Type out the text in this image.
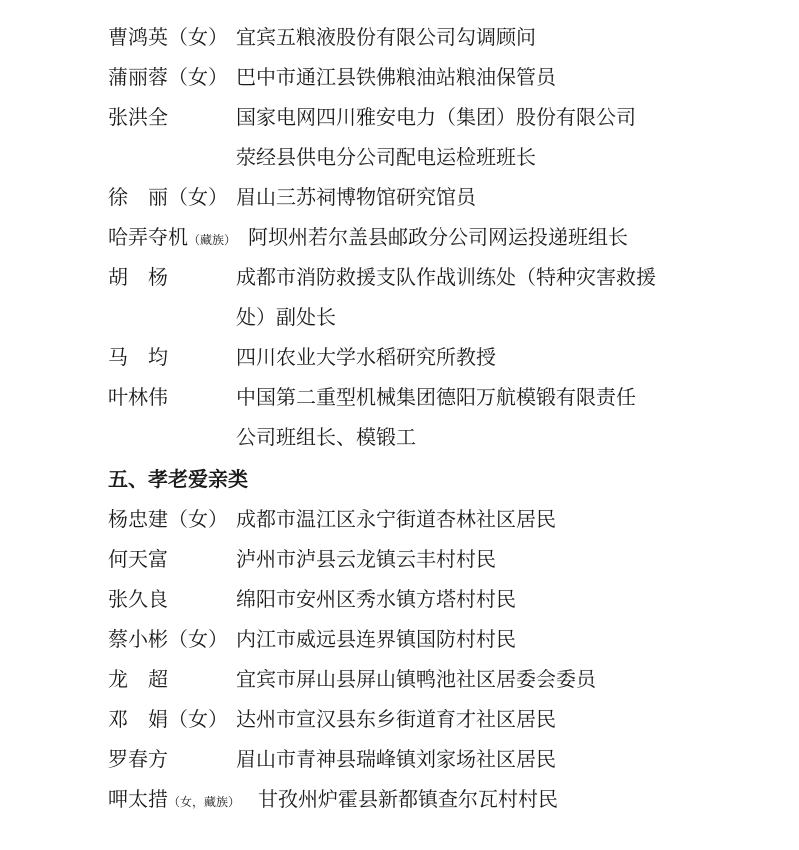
曹鸿英（女） 宜宾五粮液股份有限公司勾调顾问
蒲丽蓉（女） 巴中市通江县铁佛粮油站粮油保管员
张洪全	国家电网四川雅安电力（集团）股份有限公司
荥经县供电分公司配电运检班班长
徐　丽（女） 眉山三苏祠博物馆研究馆员
哈弄夺机（藏族） 阿坝州若尔盖县邮政分公司网运投递班组长
胡　杨	成都市消防救援支队作战训练处（特种灾害救援
处）副处长
马　均	四川农业大学水稻研究所教授
叶林伟	中国第二重型机械集团德阳万航模锻有限责任
公司班组长、模锻工
五、孝老爱亲类
杨忠建（女） 成都市温江区永宁街道杏林社区居民
何天富	泸州市泸县云龙镇云丰村村民
张久良	绵阳市安州区秀水镇方塔村村民
蔡小彬（女） 内江市威远县连界镇国防村村民
龙　超	宜宾市屏山县屏山镇鸭池社区居委会委员
邓　娟（女） 达州市宣汉县东乡街道育才社区居民
罗春方	眉山市青神县瑞峰镇刘家场社区居民
呷太措（女，藏族） 甘孜州炉霍县新都镇查尔瓦村村民
